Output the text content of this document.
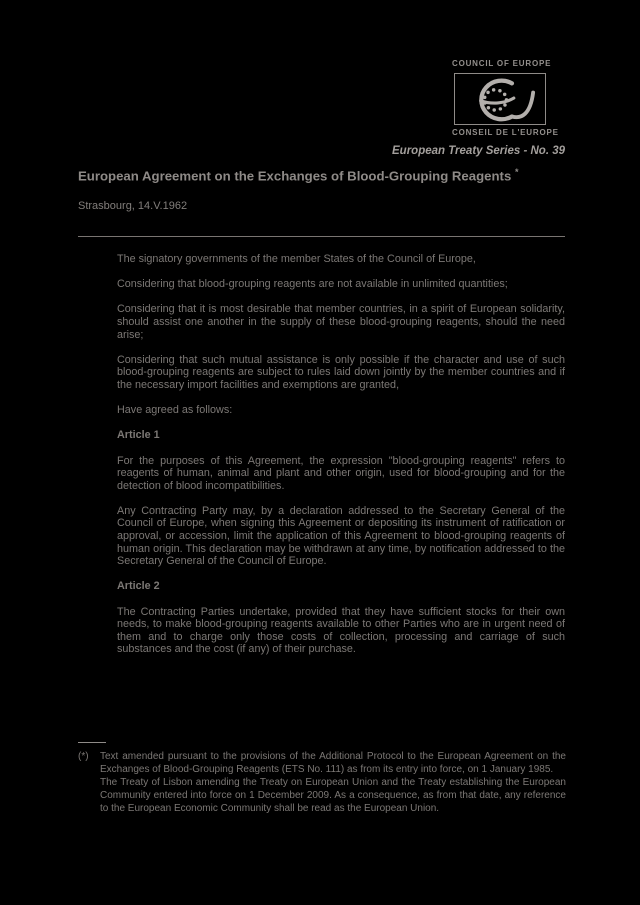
COUNCIL OF EUROPE
CONSEIL DE L'EUROPE
European Treaty Series - No. 39
European Agreement on the Exchanges of Blood-Grouping Reagents *
Strasbourg, 14.V.1962

The signatory governments of the member States of the Council of Europe,

Considering that blood-grouping reagents are not available in unlimited quantities;

Considering that it is most desirable that member countries, in a spirit of European solidarity, should assist one another in the supply of these blood-grouping reagents, should the need arise;

Considering that such mutual assistance is only possible if the character and use of such blood-grouping reagents are subject to rules laid down jointly by the member countries and if the necessary import facilities and exemptions are granted,

Have agreed as follows:

Article 1

For the purposes of this Agreement, the expression "blood-grouping reagents" refers to reagents of human, animal and plant and other origin, used for blood-grouping and for the detection of blood incompatibilities.

Any Contracting Party may, by a declaration addressed to the Secretary General of the Council of Europe, when signing this Agreement or depositing its instrument of ratification or approval, or accession, limit the application of this Agreement to blood-grouping reagents of human origin. This declaration may be withdrawn at any time, by notification addressed to the Secretary General of the Council of Europe.

Article 2

The Contracting Parties undertake, provided that they have sufficient stocks for their own needs, to make blood-grouping reagents available to other Parties who are in urgent need of them and to charge only those costs of collection, processing and carriage of such substances and the cost (if any) of their purchase.

(*)	Text amended pursuant to the provisions of the Additional Protocol to the European Agreement on the Exchanges of Blood-Grouping Reagents (ETS No. 111) as from its entry into force, on 1 January 1985.

The Treaty of Lisbon amending the Treaty on European Union and the Treaty establishing the European Community entered into force on 1 December 2009. As a consequence, as from that date, any reference to the European Economic Community shall be read as the European Union.
